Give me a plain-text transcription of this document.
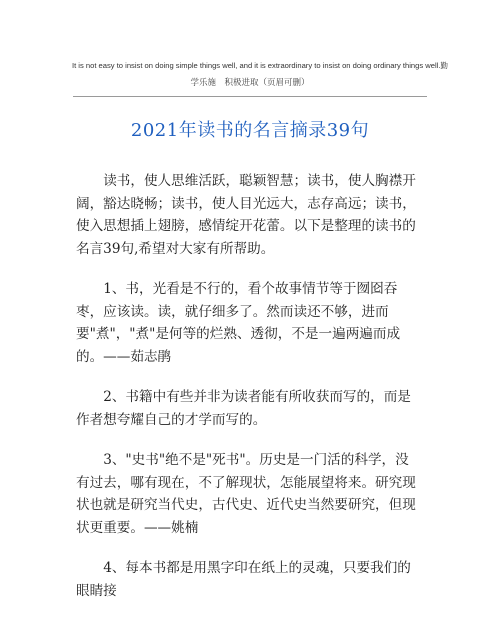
It is not easy to insist on doing simple things well, and it is extraordinary to insist on doing ordinary things well.勤
学乐施　积极进取（页眉可删）
2021年读书的名言摘录39句

读书，使人思维活跃，聪颖智慧；读书，使人胸襟开阔，豁达晓畅；读书，使人目光远大，志存高远；读书，使入思想插上翅膀，感情绽开花蕾。以下是整理的读书的名言39句,希望对大家有所帮助。

1、书，光看是不行的，看个故事情节等于囫囵吞枣，应该读。读，就仔细多了。然而读还不够，进而要"煮"，"煮"是何等的烂熟、透彻，不是一遍两遍而成的。——茹志鹃

2、书籍中有些并非为读者能有所收获而写的，而是作者想夸耀自己的才学而写的。

3、"史书"绝不是"死书"。历史是一门活的科学，没有过去，哪有现在，不了解现状，怎能展望将来。研究现状也就是研究当代史，古代史、近代史当然要研究，但现状更重要。——姚楠

4、每本书都是用黑字印在纸上的灵魂，只要我们的眼睛接
